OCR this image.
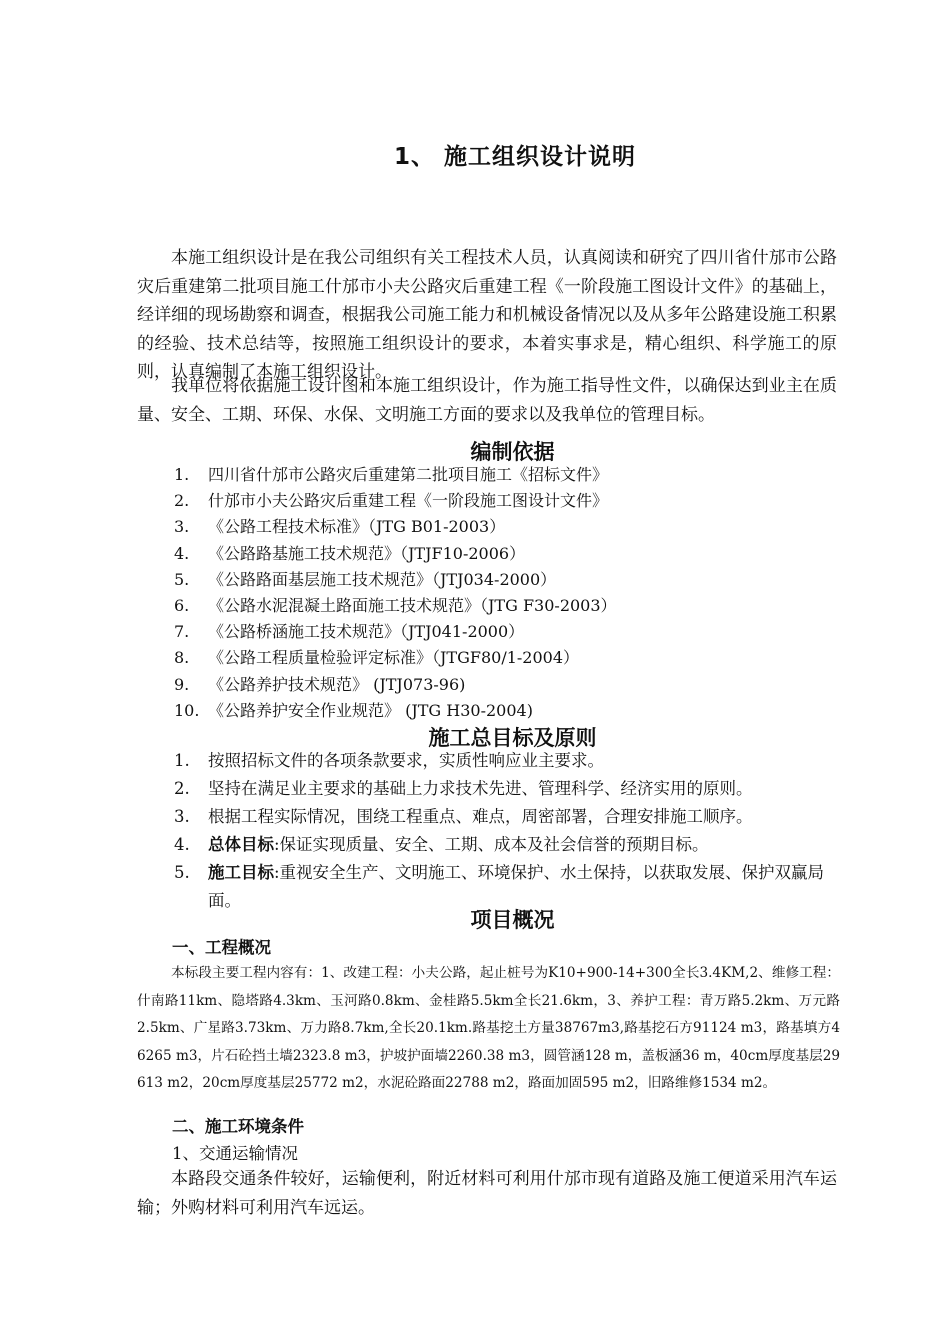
1、 施工组织设计说明

本施工组织设计是在我公司组织有关工程技术人员，认真阅读和研究了四川省什邡市公路灾后重建第二批项目施工什邡市小夫公路灾后重建工程《一阶段施工图设计文件》的基础上，经详细的现场勘察和调查，根据我公司施工能力和机械设备情况以及从多年公路建设施工积累的经验、技术总结等，按照施工组织设计的要求，本着实事求是，精心组织、科学施工的原则，认真编制了本施工组织设计。

我单位将依据施工设计图和本施工组织设计，作为施工指导性文件，以确保达到业主在质量、安全、工期、环保、水保、文明施工方面的要求以及我单位的管理目标。

编制依据
1. 四川省什邡市公路灾后重建第二批项目施工《招标文件》
2. 什邡市小夫公路灾后重建工程《一阶段施工图设计文件》
3. 《公路工程技术标准》（JTG B01-2003）
4. 《公路路基施工技术规范》（JTJF10-2006）
5. 《公路路面基层施工技术规范》（JTJ034-2000）
6. 《公路水泥混凝土路面施工技术规范》（JTG F30-2003）
7. 《公路桥涵施工技术规范》（JTJ041-2000）
8. 《公路工程质量检验评定标准》（JTGF80/1-2004）
9. 《公路养护技术规范》 (JTJ073-96)
10. 《公路养护安全作业规范》 (JTG H30-2004)
施工总目标及原则
1. 按照招标文件的各项条款要求，实质性响应业主要求。
2. 坚持在满足业主要求的基础上力求技术先进、管理科学、经济实用的原则。
3. 根据工程实际情况，围绕工程重点、难点，周密部署，合理安排施工顺序。
4. 总体目标:保证实现质量、安全、工期、成本及社会信誉的预期目标。
5. 施工目标:重视安全生产、文明施工、环境保护、水土保持，以获取发展、保护双赢局面。
项目概况
一、工程概况

本标段主要工程内容有：1、改建工程：小夫公路，起止桩号为K10+900-14+300全长3.4KM,2、维修工程：什南路11km、隐塔路4.3km、玉河路0.8km、金桂路5.5km全长21.6km，3、养护工程：青万路5.2km、万元路2.5km、广星路3.73km、万力路8.7km,全长20.1km.路基挖土方量38767m3,路基挖石方91124 m3，路基填方46265 m3，片石砼挡土墙2323.8 m3，护坡护面墙2260.38 m3，圆管涵128 m，盖板涵36 m，40cm厚度基层29613 m2，20cm厚度基层25772 m2，水泥砼路面22788 m2，路面加固595 m2，旧路维修1534 m2。

二、施工环境条件
1、交通运输情况

本路段交通条件较好，运输便利，附近材料可利用什邡市现有道路及施工便道采用汽车运输；外购材料可利用汽车远运。
